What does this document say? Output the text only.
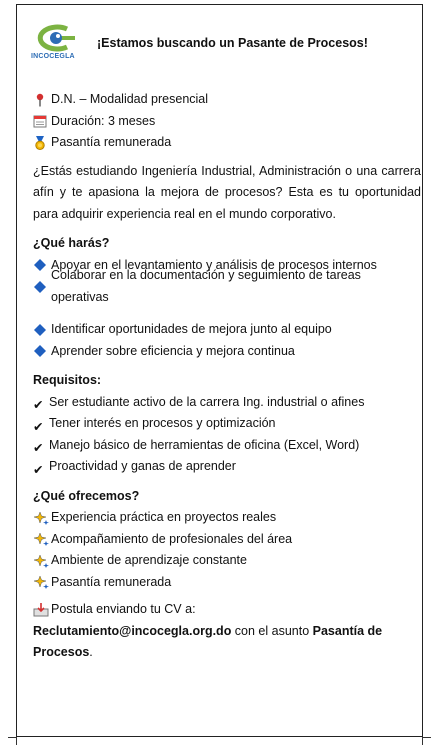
INCOCEGLA
¡Estamos buscando un Pasante de Procesos!
D.N. – Modalidad presencial
Duración: 3 meses
Pasantía remunerada
¿Estás estudiando Ingeniería Industrial, Administración o una carrera afín y te apasiona la mejora de procesos? Esta es tu oportunidad para adquirir experiencia real en el mundo corporativo.
¿Qué harás?
Apoyar en el levantamiento y análisis de procesos internos
Colaborar en la documentación y seguimiento de tareas operativas
Identificar oportunidades de mejora junto al equipo
Aprender sobre eficiencia y mejora continua
Requisitos:
✔ Ser estudiante activo de la carrera Ing. industrial o afines
✔ Tener interés en procesos y optimización
✔ Manejo básico de herramientas de oficina (Excel, Word)
✔ Proactividad y ganas de aprender
¿Qué ofrecemos?
Experiencia práctica en proyectos reales
Acompañamiento de profesionales del área
Ambiente de aprendizaje constante
Pasantía remunerada
Postula enviando tu CV a:
Reclutamiento@incocegla.org.do con el asunto Pasantía de Procesos.
